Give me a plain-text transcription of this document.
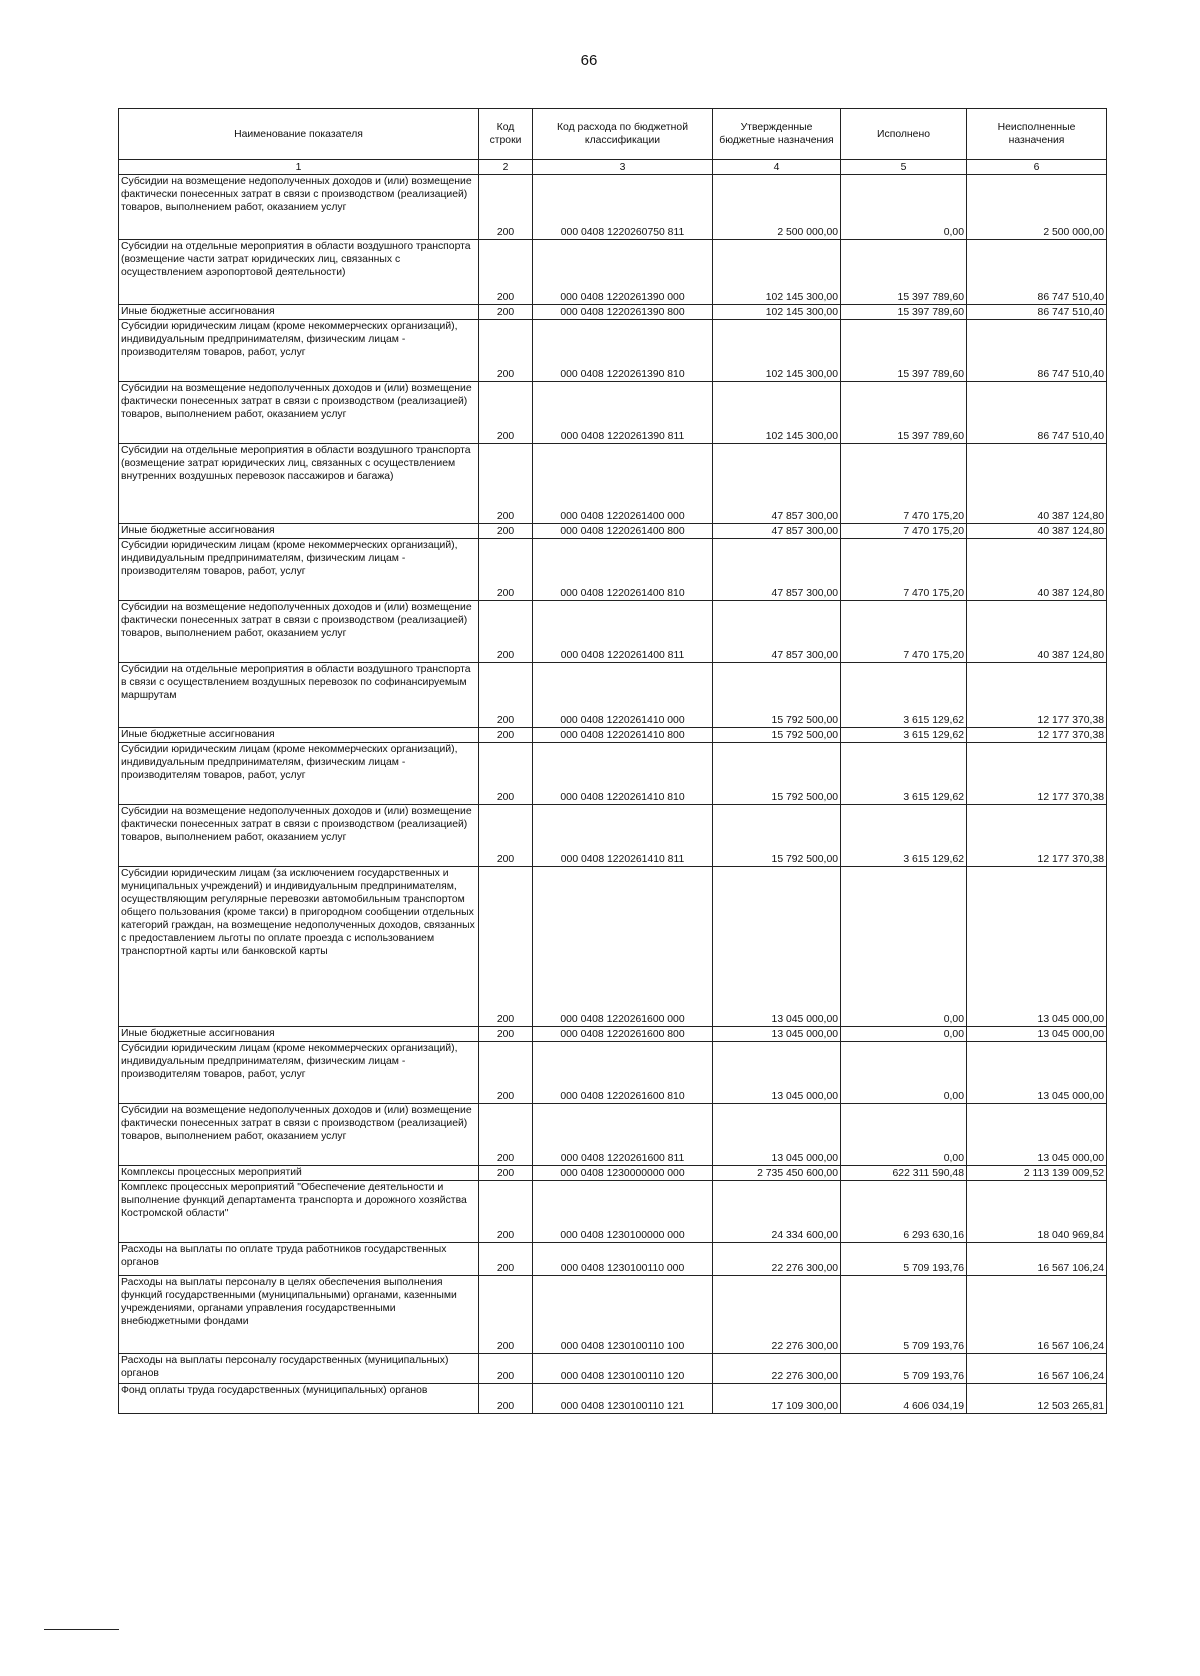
66
Наименование показателя	Код строки	Код расхода по бюджетной классификации	Утвержденные бюджетные назначения	Исполнено	Неисполненные назначения
1	2	3	4	5	6
Субсидии на возмещение недополученных доходов и (или) возмещение фактически понесенных затрат в связи с производством (реализацией) товаров, выполнением работ, оказанием услуг	200	000 0408 1220260750 811	2 500 000,00	0,00	2 500 000,00
Субсидии на отдельные мероприятия в области воздушного транспорта (возмещение части затрат юридических лиц, связанных с осуществлением аэропортовой деятельности)	200	000 0408 1220261390 000	102 145 300,00	15 397 789,60	86 747 510,40
Иные бюджетные ассигнования	200	000 0408 1220261390 800	102 145 300,00	15 397 789,60	86 747 510,40
Субсидии юридическим лицам (кроме некоммерческих организаций), индивидуальным предпринимателям, физическим лицам - производителям товаров, работ, услуг	200	000 0408 1220261390 810	102 145 300,00	15 397 789,60	86 747 510,40
Субсидии на возмещение недополученных доходов и (или) возмещение фактически понесенных затрат в связи с производством (реализацией) товаров, выполнением работ, оказанием услуг	200	000 0408 1220261390 811	102 145 300,00	15 397 789,60	86 747 510,40
Субсидии на отдельные мероприятия в области воздушного транспорта (возмещение затрат юридических лиц, связанных с осуществлением внутренних воздушных перевозок пассажиров и багажа)	200	000 0408 1220261400 000	47 857 300,00	7 470 175,20	40 387 124,80
Иные бюджетные ассигнования	200	000 0408 1220261400 800	47 857 300,00	7 470 175,20	40 387 124,80
Субсидии юридическим лицам (кроме некоммерческих организаций), индивидуальным предпринимателям, физическим лицам - производителям товаров, работ, услуг	200	000 0408 1220261400 810	47 857 300,00	7 470 175,20	40 387 124,80
Субсидии на возмещение недополученных доходов и (или) возмещение фактически понесенных затрат в связи с производством (реализацией) товаров, выполнением работ, оказанием услуг	200	000 0408 1220261400 811	47 857 300,00	7 470 175,20	40 387 124,80
Субсидии на отдельные мероприятия в области воздушного транспорта в связи с осуществлением воздушных перевозок по софинансируемым маршрутам	200	000 0408 1220261410 000	15 792 500,00	3 615 129,62	12 177 370,38
Иные бюджетные ассигнования	200	000 0408 1220261410 800	15 792 500,00	3 615 129,62	12 177 370,38
Субсидии юридическим лицам (кроме некоммерческих организаций), индивидуальным предпринимателям, физическим лицам - производителям товаров, работ, услуг	200	000 0408 1220261410 810	15 792 500,00	3 615 129,62	12 177 370,38
Субсидии на возмещение недополученных доходов и (или) возмещение фактически понесенных затрат в связи с производством (реализацией) товаров, выполнением работ, оказанием услуг	200	000 0408 1220261410 811	15 792 500,00	3 615 129,62	12 177 370,38
Субсидии юридическим лицам (за исключением государственных и муниципальных учреждений) и индивидуальным предпринимателям, осуществляющим регулярные перевозки автомобильным транспортом общего пользования (кроме такси) в пригородном сообщении отдельных категорий граждан, на возмещение недополученных доходов, связанных с предоставлением льготы по оплате проезда с использованием транспортной карты или банковской карты	200	000 0408 1220261600 000	13 045 000,00	0,00	13 045 000,00
Иные бюджетные ассигнования	200	000 0408 1220261600 800	13 045 000,00	0,00	13 045 000,00
Субсидии юридическим лицам (кроме некоммерческих организаций), индивидуальным предпринимателям, физическим лицам - производителям товаров, работ, услуг	200	000 0408 1220261600 810	13 045 000,00	0,00	13 045 000,00
Субсидии на возмещение недополученных доходов и (или) возмещение фактически понесенных затрат в связи с производством (реализацией) товаров, выполнением работ, оказанием услуг	200	000 0408 1220261600 811	13 045 000,00	0,00	13 045 000,00
Комплексы процессных мероприятий	200	000 0408 1230000000 000	2 735 450 600,00	622 311 590,48	2 113 139 009,52
Комплекс процессных мероприятий "Обеспечение деятельности и выполнение функций департамента транспорта и дорожного хозяйства Костромской области"	200	000 0408 1230100000 000	24 334 600,00	6 293 630,16	18 040 969,84
Расходы на выплаты по оплате труда работников государственных органов	200	000 0408 1230100110 000	22 276 300,00	5 709 193,76	16 567 106,24
Расходы на выплаты персоналу в целях обеспечения выполнения функций государственными (муниципальными) органами, казенными учреждениями, органами управления государственными внебюджетными фондами	200	000 0408 1230100110 100	22 276 300,00	5 709 193,76	16 567 106,24
Расходы на выплаты персоналу государственных (муниципальных) органов	200	000 0408 1230100110 120	22 276 300,00	5 709 193,76	16 567 106,24
Фонд оплаты труда государственных (муниципальных) органов	200	000 0408 1230100110 121	17 109 300,00	4 606 034,19	12 503 265,81
